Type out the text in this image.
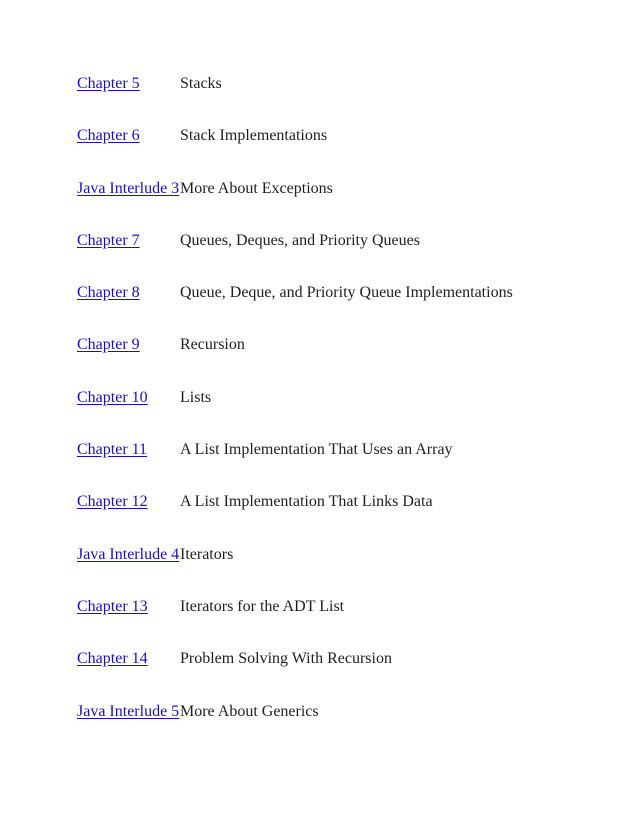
Chapter 5	Stacks
Chapter 6	Stack Implementations
Java Interlude 3 More About Exceptions
Chapter 7	Queues, Deques, and Priority Queues
Chapter 8	Queue, Deque, and Priority Queue Implementations
Chapter 9	Recursion
Chapter 10	Lists
Chapter 11	A List Implementation That Uses an Array
Chapter 12	A List Implementation That Links Data
Java Interlude 4 Iterators
Chapter 13	Iterators for the ADT List
Chapter 14	Problem Solving With Recursion
Java Interlude 5 More About Generics
